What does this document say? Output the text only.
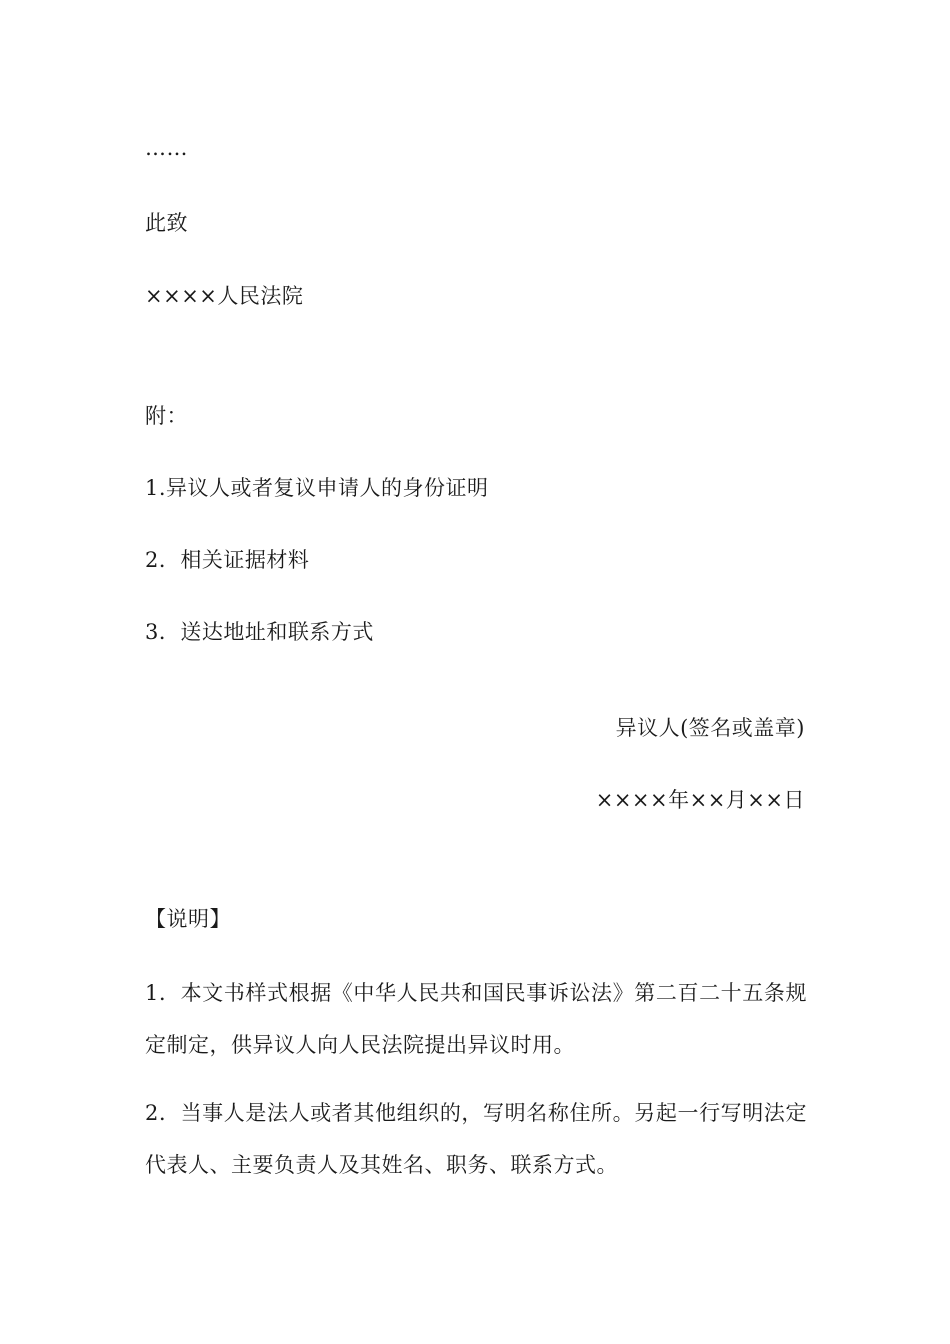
……
此致
××××人民法院
附：
1.异议人或者复议申请人的身份证明
2．相关证据材料
3．送达地址和联系方式
异议人(签名或盖章)
××××年××月××日
【说明】
1．本文书样式根据《中华人民共和国民事诉讼法》第二百二十五条规定制定，供异议人向人民法院提出异议时用。
2．当事人是法人或者其他组织的，写明名称住所。另起一行写明法定代表人、主要负责人及其姓名、职务、联系方式。
